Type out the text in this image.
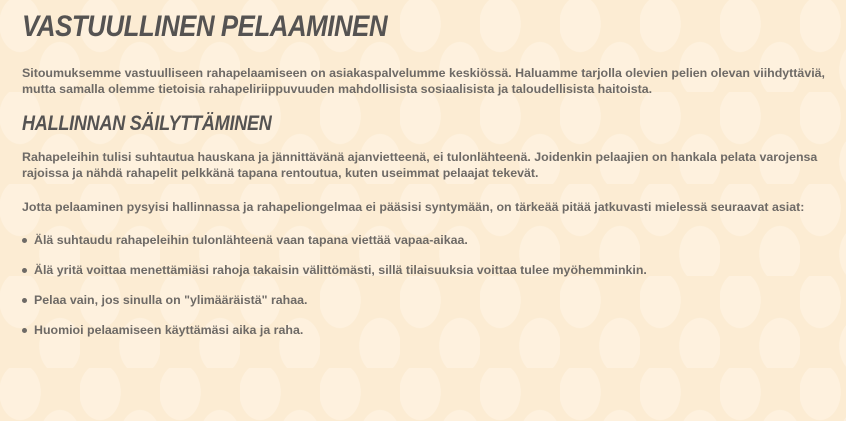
VASTUULLINEN PELAAMINEN

Sitoumuksemme vastuulliseen rahapelaamiseen on asiakaspalvelumme keskiössä. Haluamme tarjolla olevien pelien olevan viihdyttäviä, mutta samalla olemme tietoisia rahapeliriippuvuuden mahdollisista sosiaalisista ja taloudellisista haitoista.

HALLINNAN SÄILYTTÄMINEN

Rahapeleihin tulisi suhtautua hauskana ja jännittävänä ajanvietteenä, ei tulonlähteenä. Joidenkin pelaajien on hankala pelata varojensa rajoissa ja nähdä rahapelit pelkkänä tapana rentoutua, kuten useimmat pelaajat tekevät.

Jotta pelaaminen pysyisi hallinnassa ja rahapeliongelmaa ei pääsisi syntymään, on tärkeää pitää jatkuvasti mielessä seuraavat asiat:

Älä suhtaudu rahapeleihin tulonlähteenä vaan tapana viettää vapaa-aikaa.
Älä yritä voittaa menettämiäsi rahoja takaisin välittömästi, sillä tilaisuuksia voittaa tulee myöhemminkin.
Pelaa vain, jos sinulla on "ylimääräistä" rahaa.
Huomioi pelaamiseen käyttämäsi aika ja raha.
